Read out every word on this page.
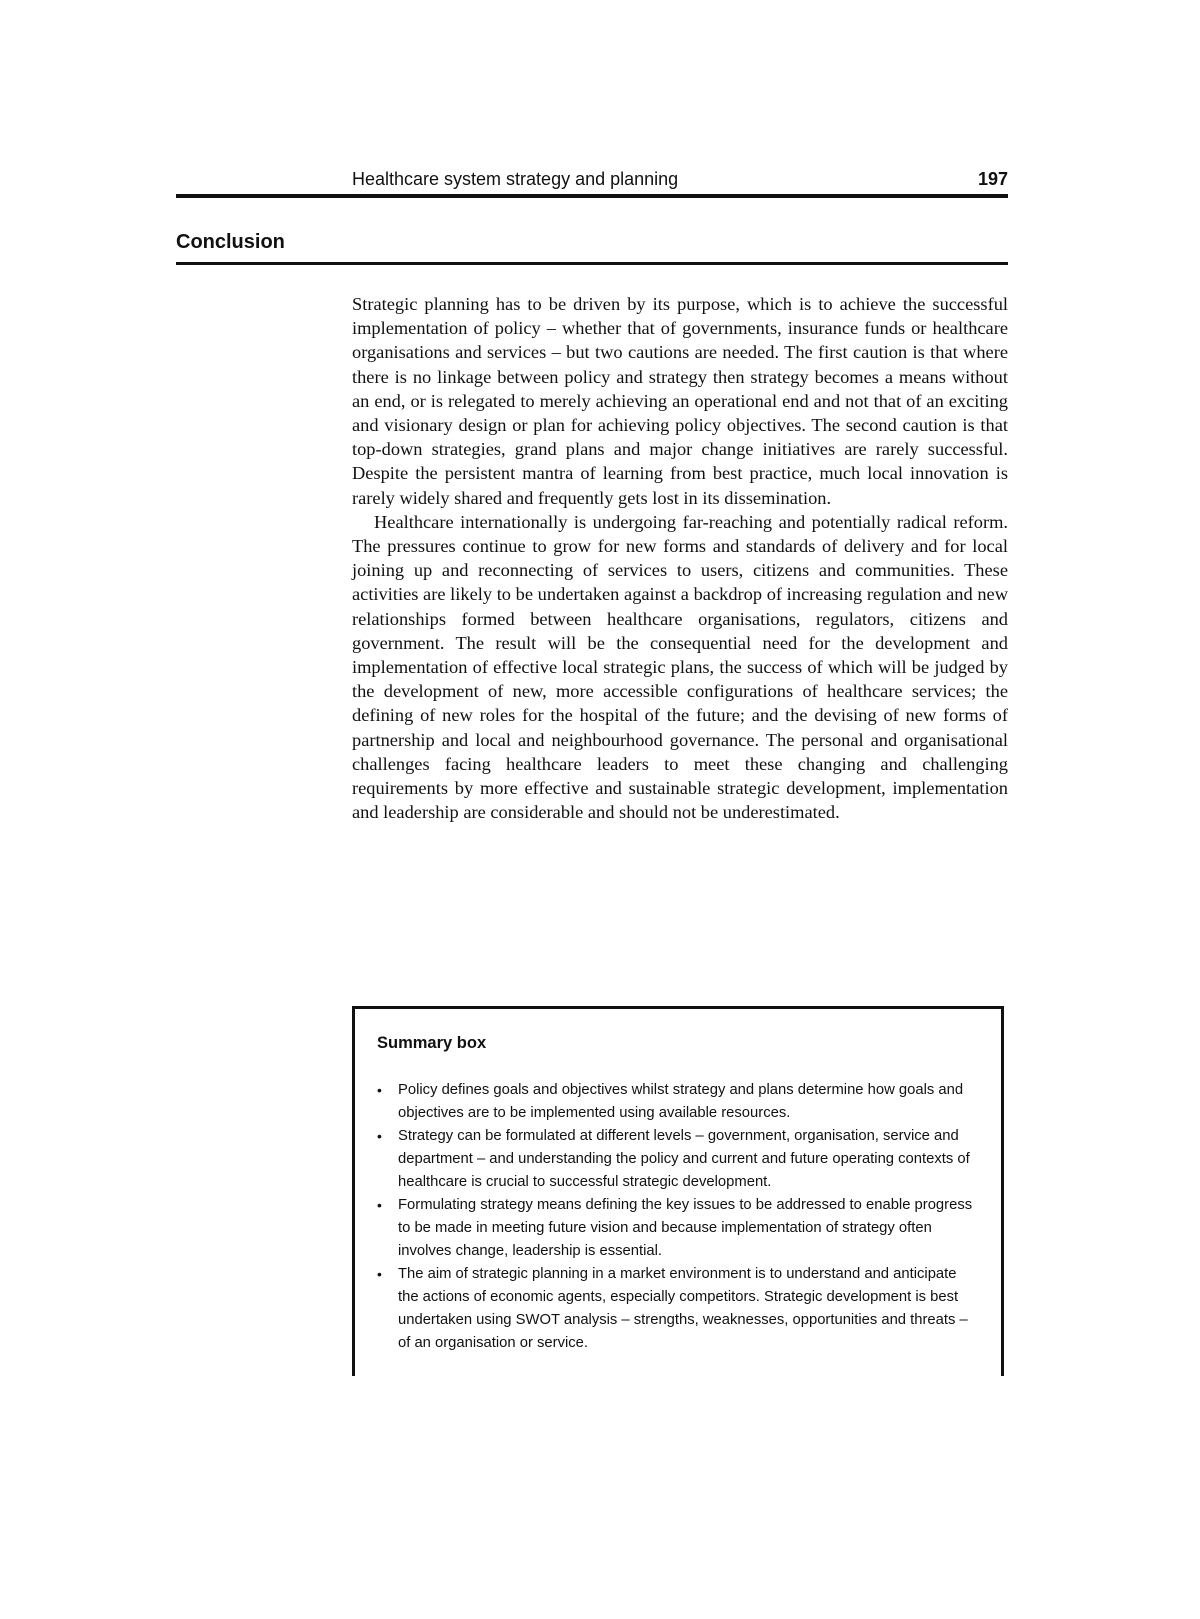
Healthcare system strategy and planning	197
Conclusion

Strategic planning has to be driven by its purpose, which is to achieve the successful implementation of policy – whether that of governments, insurance funds or healthcare organisations and services – but two cautions are needed. The first caution is that where there is no linkage between policy and strategy then strategy becomes a means without an end, or is relegated to merely achieving an operational end and not that of an exciting and visionary design or plan for achieving policy objectives. The second caution is that top-down strategies, grand plans and major change initiatives are rarely successful. Despite the persistent mantra of learning from best practice, much local innovation is rarely widely shared and frequently gets lost in its dissemination.

Healthcare internationally is undergoing far-reaching and potentially radical reform. The pressures continue to grow for new forms and standards of delivery and for local joining up and reconnecting of services to users, citizens and communities. These activities are likely to be undertaken against a backdrop of increasing regulation and new relationships formed between healthcare organisations, regulators, citizens and government. The result will be the consequential need for the development and implementation of effective local strategic plans, the success of which will be judged by the development of new, more accessible configurations of healthcare services; the defining of new roles for the hospital of the future; and the devising of new forms of partnership and local and neighbourhood governance. The personal and organisational challenges facing healthcare leaders to meet these changing and challenging requirements by more effective and sustainable strategic development, implementation and leadership are considerable and should not be underestimated.

Summary box
•	Policy defines goals and objectives whilst strategy and plans determine how goals and objectives are to be implemented using available resources.
•	Strategy can be formulated at different levels – government, organisation, service and department – and understanding the policy and current and future operating contexts of healthcare is crucial to successful strategic development.
•	Formulating strategy means defining the key issues to be addressed to enable progress to be made in meeting future vision and because implementation of strategy often involves change, leadership is essential.
•	The aim of strategic planning in a market environment is to understand and anticipate the actions of economic agents, especially competitors. Strategic development is best undertaken using SWOT analysis – strengths, weaknesses, opportunities and threats – of an organisation or service.
